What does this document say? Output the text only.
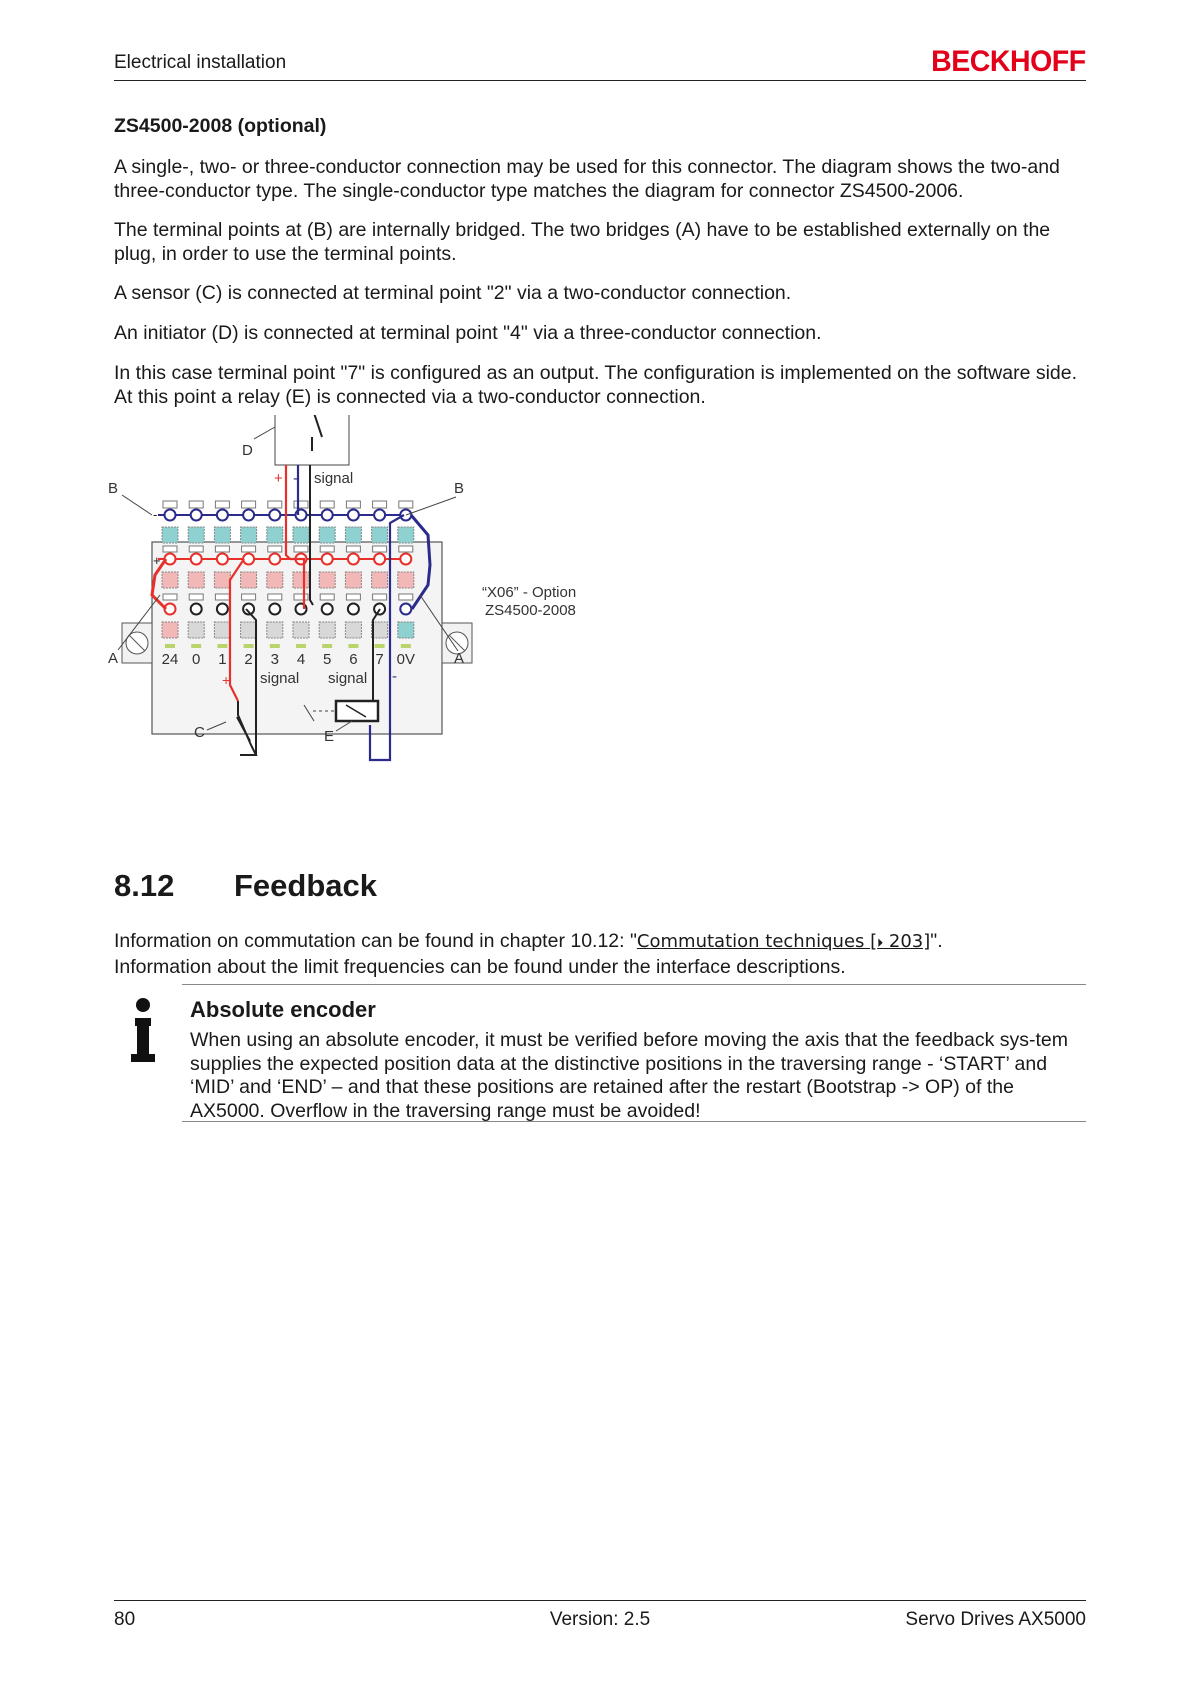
Electrical installation	BECKHOFF
ZS4500-2008 (optional)
A single-, two- or three-conductor connection may be used for this connector. The diagram shows the two-and three-conductor type. The single-conductor type matches the diagram for connector ZS4500-2006.
The terminal points at (B) are internally bridged. The two bridges (A) have to be established externally on the plug, in order to use the terminal points.
A sensor (C) is connected at terminal point "2" via a two-conductor connection.
An initiator (D) is connected at terminal point "4" via a three-conductor connection.
In this case terminal point "7" is configured as an output. The configuration is implemented on the software side. At this point a relay (E) is connected via a two-conductor connection.
24 0 1 2 3 4 5 6 7 0V
-
+
D
+ - signal
+
C
signal signal -
E
B	B
A	A
“X06” - Option
ZS4500-2008
8.12 Feedback
Information on commutation can be found in chapter 10.12: "Commutation techniques [⏵ 203]".
Information about the limit frequencies can be found under the interface descriptions.
Absolute encoder
When using an absolute encoder, it must be verified before moving the axis that the feedback sys-tem supplies the expected position data at the distinctive positions in the traversing range - ‘START’ and ‘MID’ and ‘END’ – and that these positions are retained after the restart (Bootstrap -> OP) of the AX5000. Overflow in the traversing range must be avoided!
80	Version: 2.5	Servo Drives AX5000
